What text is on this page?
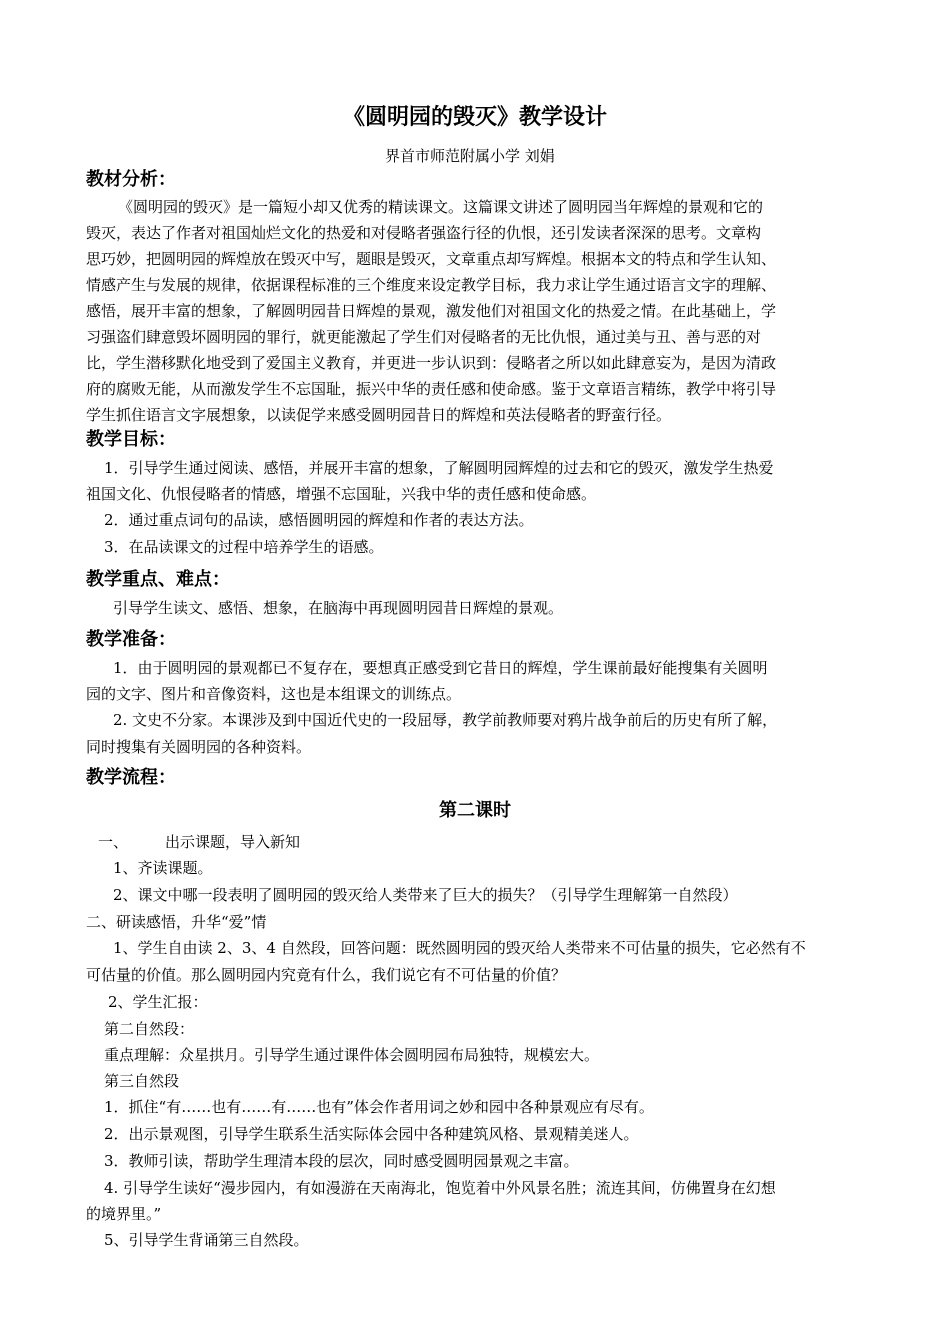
《圆明园的毁灭》教学设计
界首市师范附属小学 刘娟
教材分析：
《圆明园的毁灭》是一篇短小却又优秀的精读课文。这篇课文讲述了圆明园当年辉煌的景观和它的
毁灭，表达了作者对祖国灿烂文化的热爱和对侵略者强盗行径的仇恨，还引发读者深深的思考。文章构
思巧妙，把圆明园的辉煌放在毁灭中写，题眼是毁灭，文章重点却写辉煌。根据本文的特点和学生认知、
情感产生与发展的规律，依据课程标准的三个维度来设定教学目标，我力求让学生通过语言文字的理解、
感悟，展开丰富的想象，了解圆明园昔日辉煌的景观，激发他们对祖国文化的热爱之情。在此基础上，学
习强盗们肆意毁坏圆明园的罪行，就更能激起了学生们对侵略者的无比仇恨，通过美与丑、善与恶的对
比，学生潜移默化地受到了爱国主义教育，并更进一步认识到：侵略者之所以如此肆意妄为，是因为清政
府的腐败无能，从而激发学生不忘国耻，振兴中华的责任感和使命感。鉴于文章语言精练，教学中将引导
学生抓住语言文字展想象，以读促学来感受圆明园昔日的辉煌和英法侵略者的野蛮行径。
教学目标：
1．引导学生通过阅读、感悟，并展开丰富的想象，了解圆明园辉煌的过去和它的毁灭，激发学生热爱
祖国文化、仇恨侵略者的情感，增强不忘国耻，兴我中华的责任感和使命感。
2．通过重点词句的品读，感悟圆明园的辉煌和作者的表达方法。
3．在品读课文的过程中培养学生的语感。
教学重点、难点：
引导学生读文、感悟、想象，在脑海中再现圆明园昔日辉煌的景观。
教学准备：
1．由于圆明园的景观都已不复存在，要想真正感受到它昔日的辉煌，学生课前最好能搜集有关圆明
园的文字、图片和音像资料，这也是本组课文的训练点。
2. 文史不分家。本课涉及到中国近代史的一段屈辱，教学前教师要对鸦片战争前后的历史有所了解，
同时搜集有关圆明园的各种资料。
教学流程：
第二课时
一、 出示课题，导入新知
1、齐读课题。
2、课文中哪一段表明了圆明园的毁灭给人类带来了巨大的损失？（引导学生理解第一自然段）
二、研读感悟，升华“爱”情
1、学生自由读 2、3、4 自然段，回答问题：既然圆明园的毁灭给人类带来不可估量的损失，它必然有不
可估量的价值。那么圆明园内究竟有什么，我们说它有不可估量的价值？
2、学生汇报：
第二自然段：
重点理解：众星拱月。引导学生通过课件体会圆明园布局独特，规模宏大。
第三自然段
1．抓住“有……也有……有……也有”体会作者用词之妙和园中各种景观应有尽有。
2．出示景观图，引导学生联系生活实际体会园中各种建筑风格、景观精美迷人。
3．教师引读，帮助学生理清本段的层次，同时感受圆明园景观之丰富。
4. 引导学生读好“漫步园内，有如漫游在天南海北，饱览着中外风景名胜；流连其间，仿佛置身在幻想
的境界里。”
5、引导学生背诵第三自然段。
